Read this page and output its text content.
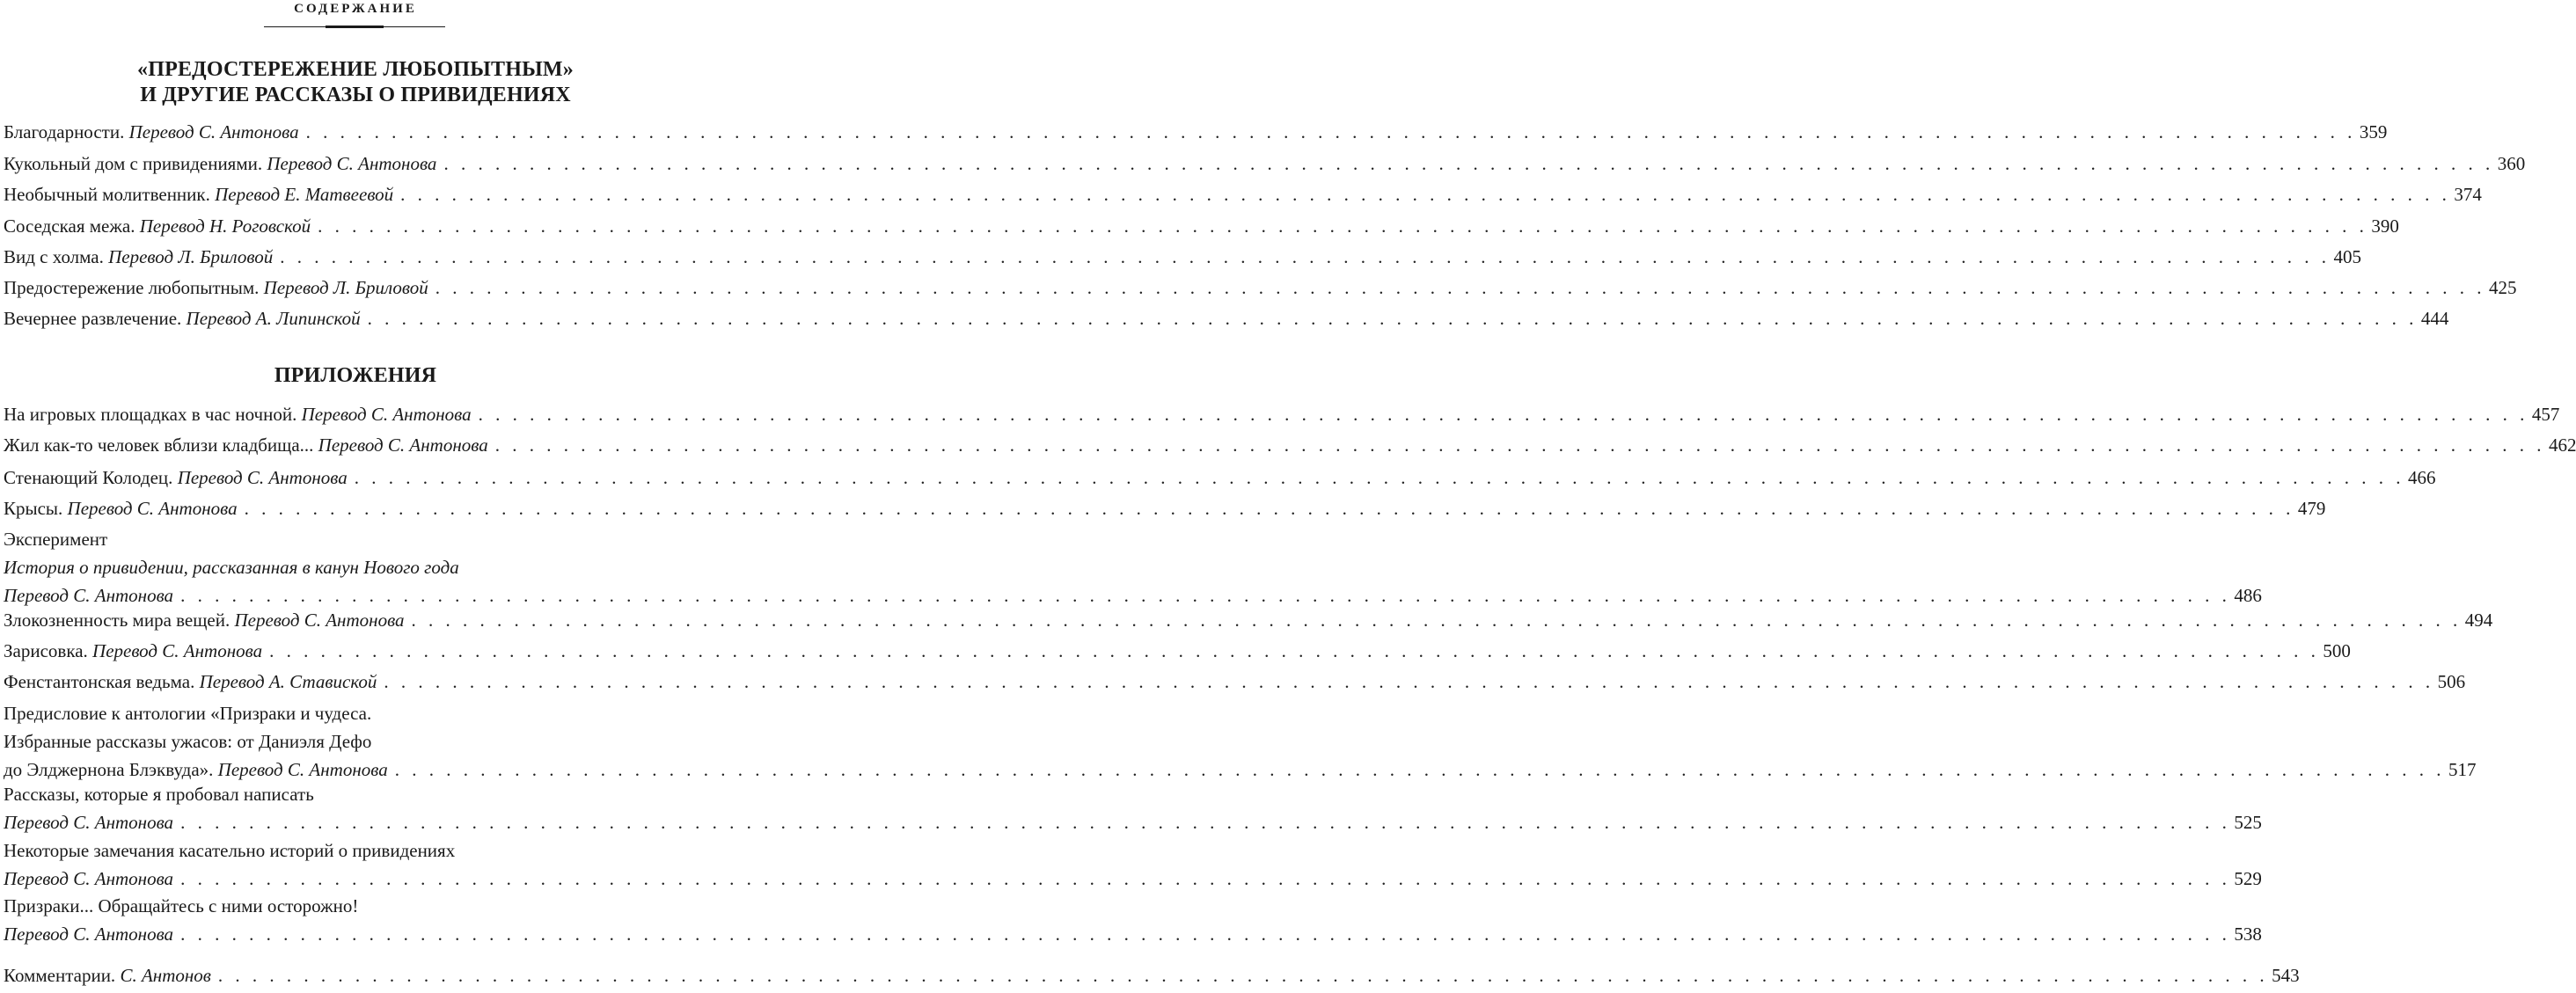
СОДЕРЖАНИЕ
«ПРЕДОСТЕРЕЖЕНИЕ ЛЮБОПЫТНЫМ»
И ДРУГИЕ РАССКАЗЫ О ПРИВИДЕНИЯХ
Благодарности. Перевод С. Антонова . . . . . . . . . . . . . . . . . . . . . . . . . . . . . . . . . . . . . . . . . . . . . . . . . . . . . . . . . . . . . . . . . . . . . . . . . . . . . . . . . . . . . . . . . . . . . . . . . . . . . . . . . . . . . . . . . . . . . . . . 359
Кукольный дом с привидениями. Перевод С. Антонова . . . . . . . . . . . . . . . . . . . . . . . . . . . . . . . . . . . . . . . . . . . . . . . . . . . . . . . . . . . . . . . . . . . . . . . . . . . . . . . . . . . . . . . . . . . . . . . . . . . . . . . . . . . . . . . . . . . . . . . . 360
Необычный молитвенник. Перевод Е. Матвеевой . . . . . . . . . . . . . . . . . . . . . . . . . . . . . . . . . . . . . . . . . . . . . . . . . . . . . . . . . . . . . . . . . . . . . . . . . . . . . . . . . . . . . . . . . . . . . . . . . . . . . . . . . . . . . . . . . . . . . . . . 374
Соседская межа. Перевод Н. Роговской . . . . . . . . . . . . . . . . . . . . . . . . . . . . . . . . . . . . . . . . . . . . . . . . . . . . . . . . . . . . . . . . . . . . . . . . . . . . . . . . . . . . . . . . . . . . . . . . . . . . . . . . . . . . . . . . . . . . . . . . 390
Вид с холма. Перевод Л. Бриловой . . . . . . . . . . . . . . . . . . . . . . . . . . . . . . . . . . . . . . . . . . . . . . . . . . . . . . . . . . . . . . . . . . . . . . . . . . . . . . . . . . . . . . . . . . . . . . . . . . . . . . . . . . . . . . . . . . . . . . . . 405
Предостережение любопытным. Перевод Л. Бриловой . . . . . . . . . . . . . . . . . . . . . . . . . . . . . . . . . . . . . . . . . . . . . . . . . . . . . . . . . . . . . . . . . . . . . . . . . . . . . . . . . . . . . . . . . . . . . . . . . . . . . . . . . . . . . . . . . . . . . . . . 425
Вечернее развлечение. Перевод А. Липинской . . . . . . . . . . . . . . . . . . . . . . . . . . . . . . . . . . . . . . . . . . . . . . . . . . . . . . . . . . . . . . . . . . . . . . . . . . . . . . . . . . . . . . . . . . . . . . . . . . . . . . . . . . . . . . . . . . . . . . . . 444
ПРИЛОЖЕНИЯ
На игровых площадках в час ночной. Перевод С. Антонова . . . . . . . . . . . . . . . . . . . . . . . . . . . . . . . . . . . . . . . . . . . . . . . . . . . . . . . . . . . . . . . . . . . . . . . . . . . . . . . . . . . . . . . . . . . . . . . . . . . . . . . . . . . . . . . . . . . . . . . . 457
Жил как-то человек вблизи кладбища... Перевод С. Антонова . . . . . . . . . . . . . . . . . . . . . . . . . . . . . . . . . . . . . . . . . . . . . . . . . . . . . . . . . . . . . . . . . . . . . . . . . . . . . . . . . . . . . . . . . . . . . . . . . . . . . . . . . . . . . . . . . . . . . . . . 462
Стенающий Колодец. Перевод С. Антонова . . . . . . . . . . . . . . . . . . . . . . . . . . . . . . . . . . . . . . . . . . . . . . . . . . . . . . . . . . . . . . . . . . . . . . . . . . . . . . . . . . . . . . . . . . . . . . . . . . . . . . . . . . . . . . . . . . . . . . . . 466
Крысы. Перевод С. Антонова . . . . . . . . . . . . . . . . . . . . . . . . . . . . . . . . . . . . . . . . . . . . . . . . . . . . . . . . . . . . . . . . . . . . . . . . . . . . . . . . . . . . . . . . . . . . . . . . . . . . . . . . . . . . . . . . . . . . . . . . 479
Эксперимент
История о привидении, рассказанная в канун Нового года
Перевод С. Антонова . . . . . . . . . . . . . . . . . . . . . . . . . . . . . . . . . . . . . . . . . . . . . . . . . . . . . . . . . . . . . . . . . . . . . . . . . . . . . . . . . . . . . . . . . . . . . . . . . . . . . . . . . . . . . . . . . . . . . . . . 486
Злокозненность мира вещей. Перевод С. Антонова . . . . . . . . . . . . . . . . . . . . . . . . . . . . . . . . . . . . . . . . . . . . . . . . . . . . . . . . . . . . . . . . . . . . . . . . . . . . . . . . . . . . . . . . . . . . . . . . . . . . . . . . . . . . . . . . . . . . . . . . 494
Зарисовка. Перевод С. Антонова . . . . . . . . . . . . . . . . . . . . . . . . . . . . . . . . . . . . . . . . . . . . . . . . . . . . . . . . . . . . . . . . . . . . . . . . . . . . . . . . . . . . . . . . . . . . . . . . . . . . . . . . . . . . . . . . . . . . . . . . 500
Фенстантонская ведьма. Перевод А. Ставиской . . . . . . . . . . . . . . . . . . . . . . . . . . . . . . . . . . . . . . . . . . . . . . . . . . . . . . . . . . . . . . . . . . . . . . . . . . . . . . . . . . . . . . . . . . . . . . . . . . . . . . . . . . . . . . . . . . . . . . . . 506
Предисловие к антологии «Призраки и чудеса.
Избранные рассказы ужасов: от Даниэля Дефо
до Элджернона Блэквуда». Перевод С. Антонова . . . . . . . . . . . . . . . . . . . . . . . . . . . . . . . . . . . . . . . . . . . . . . . . . . . . . . . . . . . . . . . . . . . . . . . . . . . . . . . . . . . . . . . . . . . . . . . . . . . . . . . . . . . . . . . . . . . . . . . . 517
Рассказы, которые я пробовал написать
Перевод С. Антонова . . . . . . . . . . . . . . . . . . . . . . . . . . . . . . . . . . . . . . . . . . . . . . . . . . . . . . . . . . . . . . . . . . . . . . . . . . . . . . . . . . . . . . . . . . . . . . . . . . . . . . . . . . . . . . . . . . . . . . . . 525
Некоторые замечания касательно историй о привидениях
Перевод С. Антонова . . . . . . . . . . . . . . . . . . . . . . . . . . . . . . . . . . . . . . . . . . . . . . . . . . . . . . . . . . . . . . . . . . . . . . . . . . . . . . . . . . . . . . . . . . . . . . . . . . . . . . . . . . . . . . . . . . . . . . . . 529
Призраки... Обращайтесь с ними осторожно!
Перевод С. Антонова . . . . . . . . . . . . . . . . . . . . . . . . . . . . . . . . . . . . . . . . . . . . . . . . . . . . . . . . . . . . . . . . . . . . . . . . . . . . . . . . . . . . . . . . . . . . . . . . . . . . . . . . . . . . . . . . . . . . . . . . 538
Комментарии. С. Антонов . . . . . . . . . . . . . . . . . . . . . . . . . . . . . . . . . . . . . . . . . . . . . . . . . . . . . . . . . . . . . . . . . . . . . . . . . . . . . . . . . . . . . . . . . . . . . . . . . . . . . . . . . . . . . . . . . . . . . . . . 543
